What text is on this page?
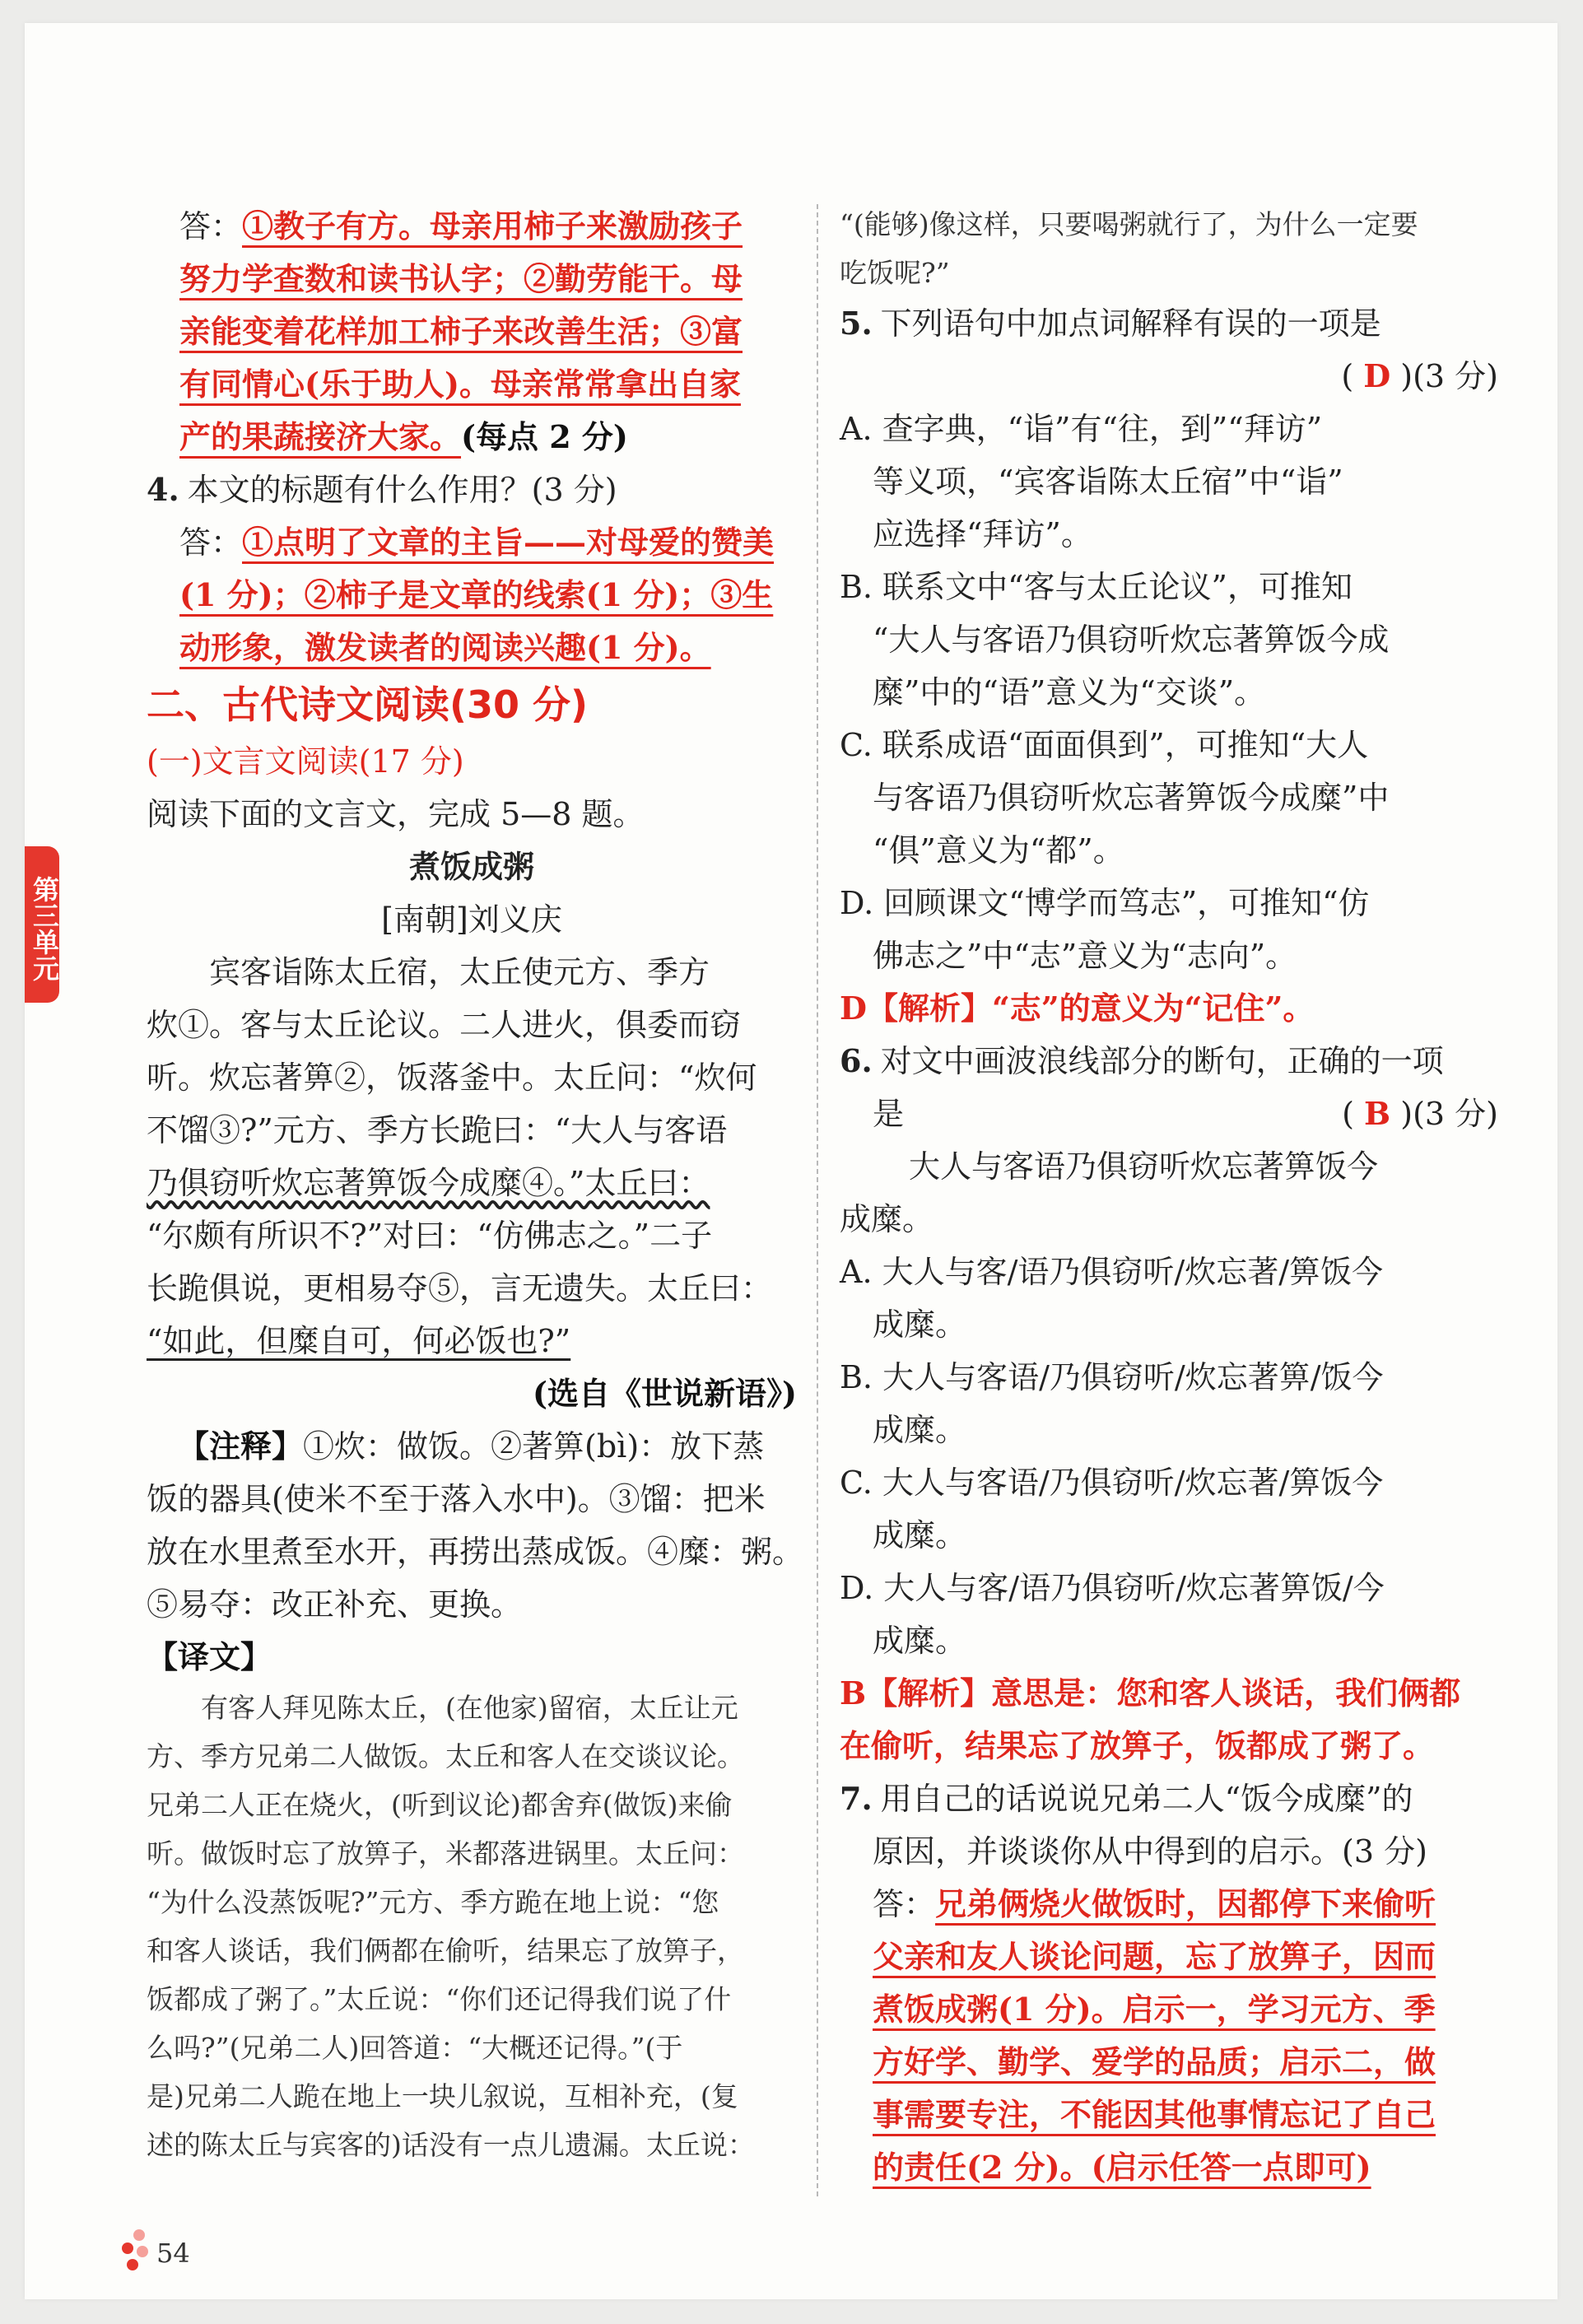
第三单元
答：①教子有方。母亲用柿子来激励孩子
努力学查数和读书认字；②勤劳能干。母
亲能变着花样加工柿子来改善生活；③富
有同情心(乐于助人)。母亲常常拿出自家
产的果蔬接济大家。(每点 2 分)
4. 本文的标题有什么作用？(3 分)
答：①点明了文章的主旨——对母爱的赞美
(1 分)；②柿子是文章的线索(1 分)；③生
动形象，激发读者的阅读兴趣(1 分)。
二、古代诗文阅读(30 分)
(一)文言文阅读(17 分)
阅读下面的文言文，完成 5—8 题。
煮饭成粥
[南朝]刘义庆
宾客诣陈太丘宿，太丘使元方、季方
炊①。客与太丘论议。二人进火，俱委而窃
听。炊忘著箅②，饭落釜中。太丘问：“炊何
不馏③?”元方、季方长跪曰：“大人与客语
乃俱窃听炊忘著箅饭今成糜④。”太丘曰：
“尔颇有所识不?”对曰：“仿佛志之。”二子
长跪俱说，更相易夺⑤，言无遗失。太丘曰：
“如此，但糜自可，何必饭也?”
(选自《世说新语》)
【注释】①炊：做饭。②著箅(bì)：放下蒸
饭的器具(使米不至于落入水中)。③馏：把米
放在水里煮至水开，再捞出蒸成饭。④糜：粥。
⑤易夺：改正补充、更换。
【译文】
有客人拜见陈太丘，(在他家)留宿，太丘让元
方、季方兄弟二人做饭。太丘和客人在交谈议论。
兄弟二人正在烧火，(听到议论)都舍弃(做饭)来偷
听。做饭时忘了放箅子，米都落进锅里。太丘问：
“为什么没蒸饭呢?”元方、季方跪在地上说：“您
和客人谈话，我们俩都在偷听，结果忘了放箅子，
饭都成了粥了。”太丘说：“你们还记得我们说了什
么吗?”(兄弟二人)回答道：“大概还记得。”(于
是)兄弟二人跪在地上一块儿叙说，互相补充，(复
述的陈太丘与宾客的)话没有一点儿遗漏。太丘说：
“(能够)像这样，只要喝粥就行了，为什么一定要
吃饭呢?”
5. 下列语句中加点词解释有误的一项是
( D )(3 分)
A. 查字典，“诣”有“往，到”“拜访”
等义项，“宾客诣陈太丘宿”中“诣”
应选择“拜访”。
B. 联系文中“客与太丘论议”，可推知
“大人与客语乃俱窃听炊忘著箅饭今成
糜”中的“语”意义为“交谈”。
C. 联系成语“面面俱到”，可推知“大人
与客语乃俱窃听炊忘著箅饭今成糜”中
“俱”意义为“都”。
D. 回顾课文“博学而笃志”，可推知“仿
佛志之”中“志”意义为“志向”。
D【解析】“志”的意义为“记住”。
6. 对文中画波浪线部分的断句，正确的一项
是	( B )(3 分)
大人与客语乃俱窃听炊忘著箅饭今
成糜。
A. 大人与客/语乃俱窃听/炊忘著/箅饭今
成糜。
B. 大人与客语/乃俱窃听/炊忘著箅/饭今
成糜。
C. 大人与客语/乃俱窃听/炊忘著/箅饭今
成糜。
D. 大人与客/语乃俱窃听/炊忘著箅饭/今
成糜。
B【解析】意思是：您和客人谈话，我们俩都
在偷听，结果忘了放箅子，饭都成了粥了。
7. 用自己的话说说兄弟二人“饭今成糜”的
原因，并谈谈你从中得到的启示。(3 分)
答：兄弟俩烧火做饭时，因都停下来偷听
父亲和友人谈论问题，忘了放箅子，因而
煮饭成粥(1 分)。启示一，学习元方、季
方好学、勤学、爱学的品质；启示二，做
事需要专注，不能因其他事情忘记了自己
的责任(2 分)。(启示任答一点即可)
54
